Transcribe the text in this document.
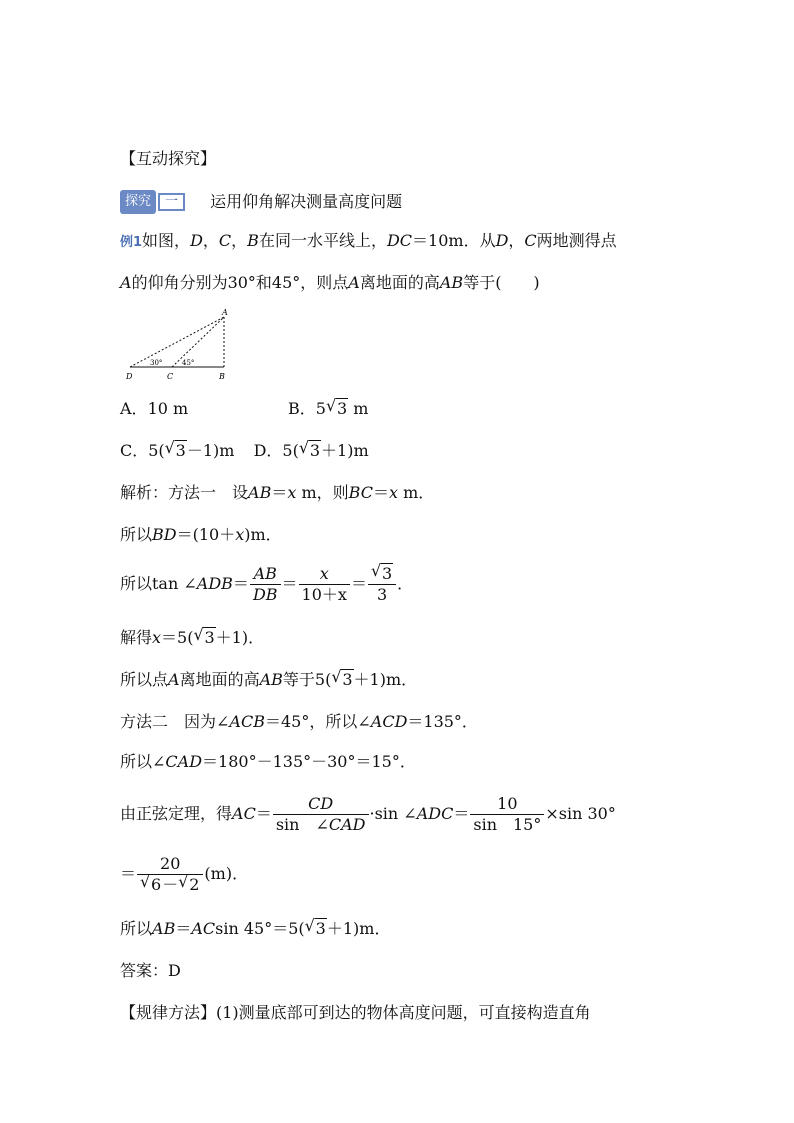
【互动探究】
探究 一 运用仰角解决测量高度问题
例1如图，D，C，B在同一水平线上，DC＝10m．从D，C两地测得点
A的仰角分别为30°和45°，则点A离地面的高AB等于(　　)
A
B
C
D
30°	45°
A．10 m	B．5 √ 3 m
C．5( √ 3－1)m D．5( √ 3＋1)m
解析：方法一　设AB＝x m，则BC＝x m．
所以BD＝(10＋x)m．
所以tan ∠ADB＝ $\frac{AB}{DB} = \frac{x}{10+x} = \frac{√ 3}{3}$ ．
解得x＝5( √ 3＋1)．
所以点A离地面的高AB等于5( √ 3＋1)m．
方法二　因为∠ACB＝45°，所以∠ACD＝135°．
所以∠CAD＝180°－135°－30°＝15°．
由正弦定理，得$AC= \frac{CD}{\text{sin　∠CAD}} \cdot\sin$ ∠ADC＝ $\frac{10}{\sin 15^\circ} \times\sin$ 30°
＝ $\frac{20}{√ 6- √ 2} (m)$．
所以AB＝ACsin 45°＝5( √ 3＋1)m．
答案：D
【规律方法】(1)测量底部可到达的物体高度问题，可直接构造直角
